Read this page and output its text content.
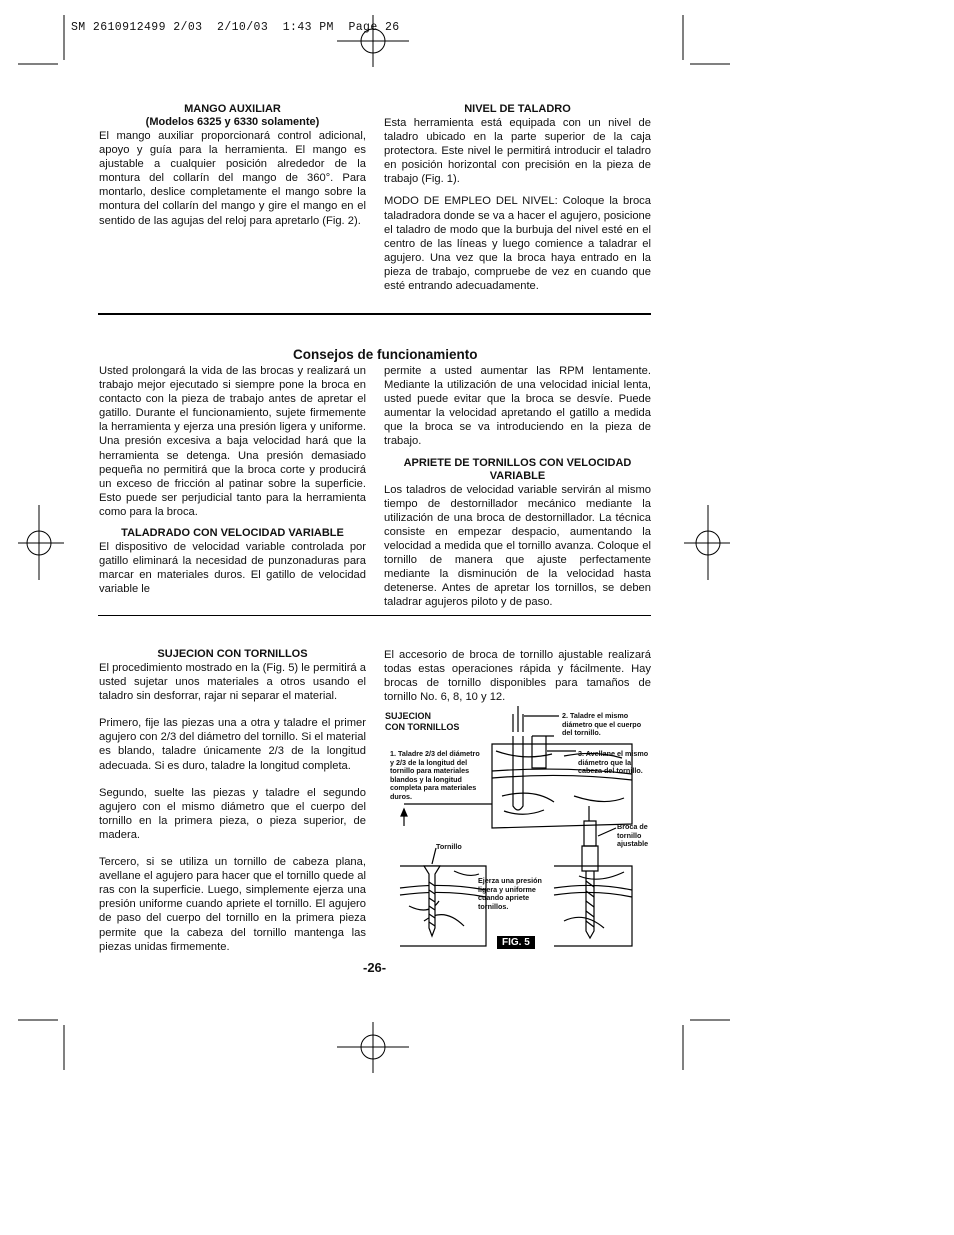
SM 2610912499 2/03  2/10/03  1:43 PM  Page 26
MANGO AUXILIAR
(Modelos 6325 y 6330 solamente)

El mango auxiliar proporcionará control adicional, apoyo y guía para la herramienta. El mango es ajustable a cualquier posición alrededor de la montura del collarín del mango de 360°. Para montarlo, deslice completamente el mango sobre la montura del collarín del mango y gire el mango en el sentido de las agujas del reloj para apretarlo (Fig. 2).

NIVEL DE TALADRO

Esta herramienta está equipada con un nivel de taladro ubicado en la parte superior de la caja protectora. Este nivel le permitirá introducir el taladro en posición horizontal con precisión en la pieza de trabajo (Fig. 1).

MODO DE EMPLEO DEL NIVEL: Coloque la broca taladradora donde se va a hacer el agujero, posicione el taladro de modo que la burbuja del nivel esté en el centro de las líneas y luego comience a taladrar el agujero. Una vez que la broca haya entrado en la pieza de trabajo, compruebe de vez en cuando que esté entrando adecuadamente.

Consejos de funcionamiento

Usted prolongará la vida de las brocas y realizará un trabajo mejor ejecutado si siempre pone la broca en contacto con la pieza de trabajo antes de apretar el gatillo. Durante el funcionamiento, sujete firmemente la herramienta y ejerza una presión ligera y uniforme. Una presión excesiva a baja velocidad hará que la herramienta se detenga. Una presión demasiado pequeña no permitirá que la broca corte y producirá un exceso de fricción al patinar sobre la superficie. Esto puede ser perjudicial tanto para la herramienta como para la broca.

TALADRADO CON VELOCIDAD VARIABLE

El dispositivo de velocidad variable controlada por gatillo eliminará la necesidad de punzonaduras para marcar en materiales duros. El gatillo de velocidad variable le

permite a usted aumentar las RPM lentamente. Mediante la utilización de una velocidad inicial lenta, usted puede evitar que la broca se desvíe. Puede aumentar la velocidad apretando el gatillo a medida que la broca se va introduciendo en la pieza de trabajo.

APRIETE DE TORNILLOS CON VELOCIDAD VARIABLE

Los taladros de velocidad variable servirán al mismo tiempo de destornillador mecánico mediante la utilización de una broca de destornillador. La técnica consiste en empezar despacio, aumentando la velocidad a medida que el tornillo avanza. Coloque el tornillo de manera que ajuste perfectamente mediante la disminución de la velocidad hasta detenerse. Antes de apretar los tornillos, se deben taladrar agujeros piloto y de paso.

SUJECION CON TORNILLOS

El procedimiento mostrado en la (Fig. 5) le permitirá a usted sujetar unos materiales a otros usando el taladro sin desforrar, rajar ni separar el material.

Primero, fije las piezas una a otra y taladre el primer agujero con 2/3 del diámetro del tornillo. Si el material es blando, taladre únicamente 2/3 de la longitud adecuada. Si es duro, taladre la longitud completa.

Segundo, suelte las piezas y taladre el segundo agujero con el mismo diámetro que el cuerpo del tornillo en la primera pieza, o pieza superior, de madera.

Tercero, si se utiliza un tornillo de cabeza plana, avellane el agujero para hacer que el tornillo quede al ras con la superficie. Luego, simplemente ejerza una presión uniforme cuando apriete el tornillo. El agujero de paso del cuerpo del tornillo en la primera pieza permite que la cabeza del tornillo mantenga las piezas unidas firmemente.

El accesorio de broca de tornillo ajustable realizará todas estas operaciones rápida y fácilmente. Hay brocas de tornillo disponibles para tamaños de tornillo No. 6, 8, 10 y 12.

SUJECION
CON TORNILLOS
1. Taladre 2/3 del diámetro y 2/3 de la longitud del tornillo para materiales blandos y la longitud completa para materiales duros.
2. Taladre el mismo diámetro que el cuerpo del tornillo.
3. Avellane el mismo diámetro que la cabeza del tornillo.
Tornillo
Ejerza una presión ligera y uniforme cuando apriete tornillos.
Broca de tornillo ajustable
FIG. 5
-26-
